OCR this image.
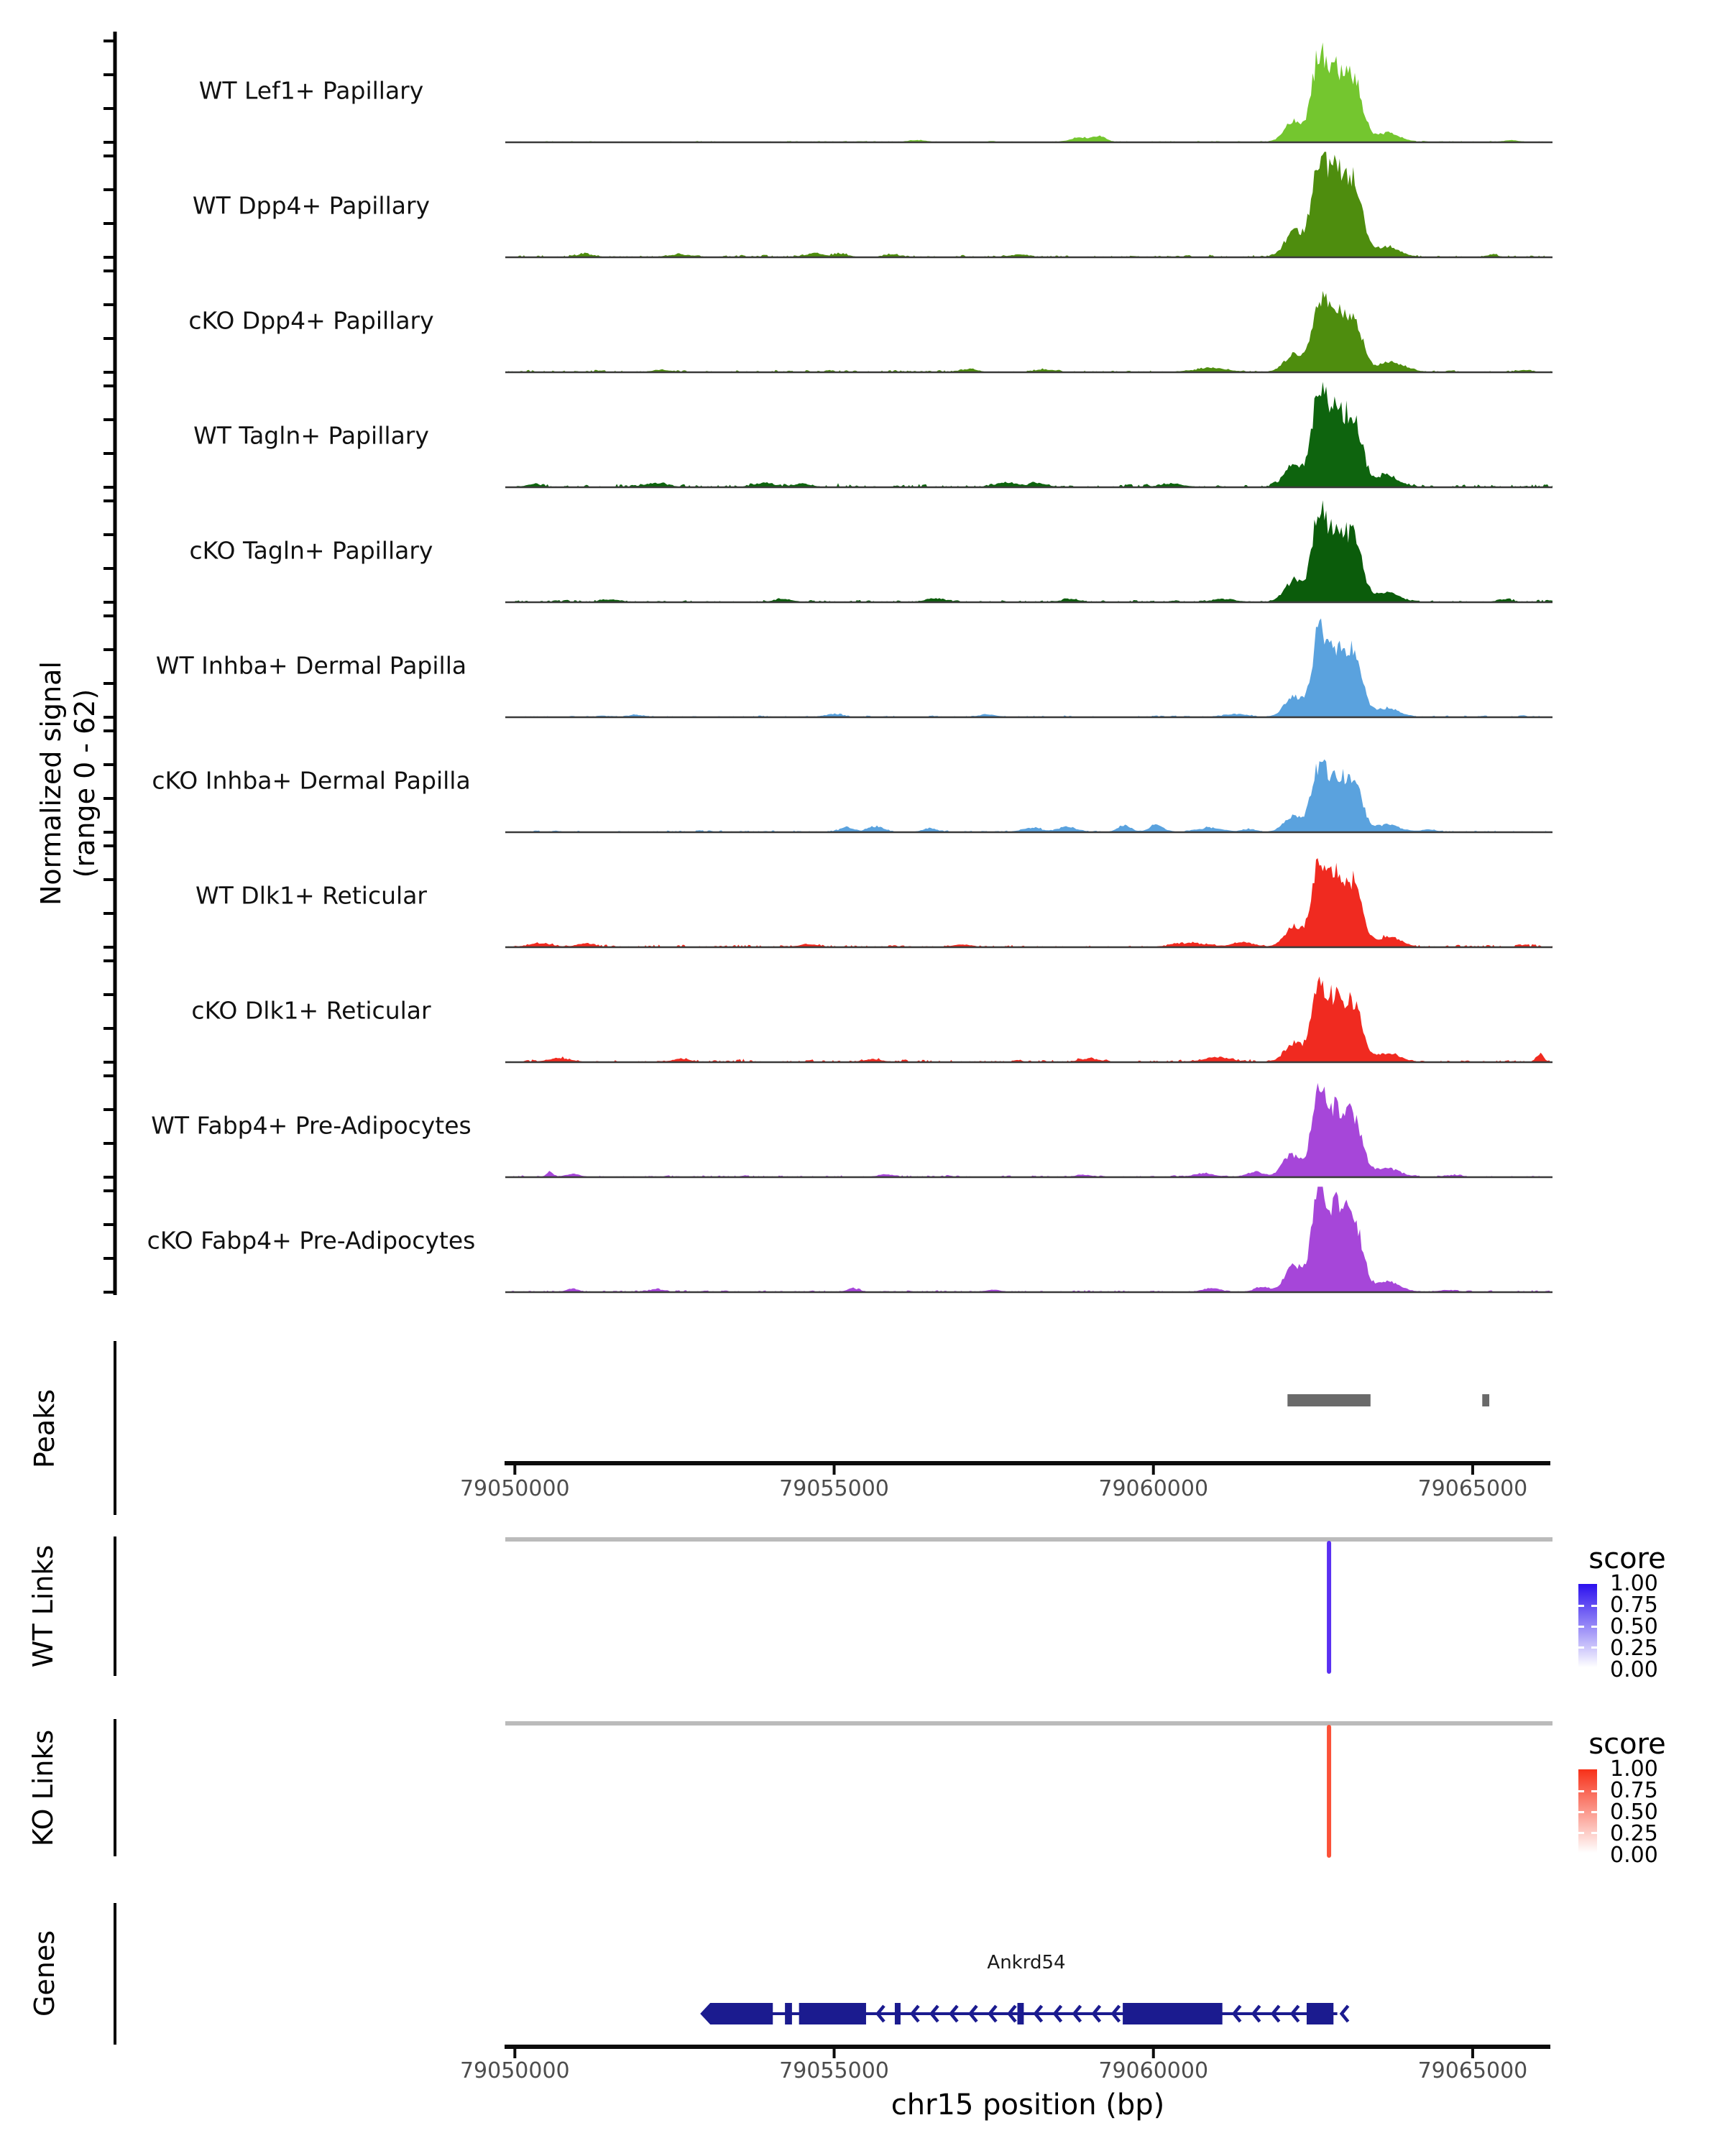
Normalized signal (range 0 - 62)
WT Lef1+ Papillary
WT Dpp4+ Papillary
cKO Dpp4+ Papillary
WT Tagln+ Papillary
cKO Tagln+ Papillary
WT Inhba+ Dermal Papilla
cKO Inhba+ Dermal Papilla
WT Dlk1+ Reticular
cKO Dlk1+ Reticular
WT Fabp4+ Pre-Adipocytes
cKO Fabp4+ Pre-Adipocytes
Peaks
WT Links
KO Links
Genes
79050000	79055000	79060000	79065000
score
1.00
0.75
0.50
0.25
0.00
score
1.00
0.75
0.50
0.25
0.00
Ankrd54
79050000	79055000	79060000	79065000
chr15 position (bp)
